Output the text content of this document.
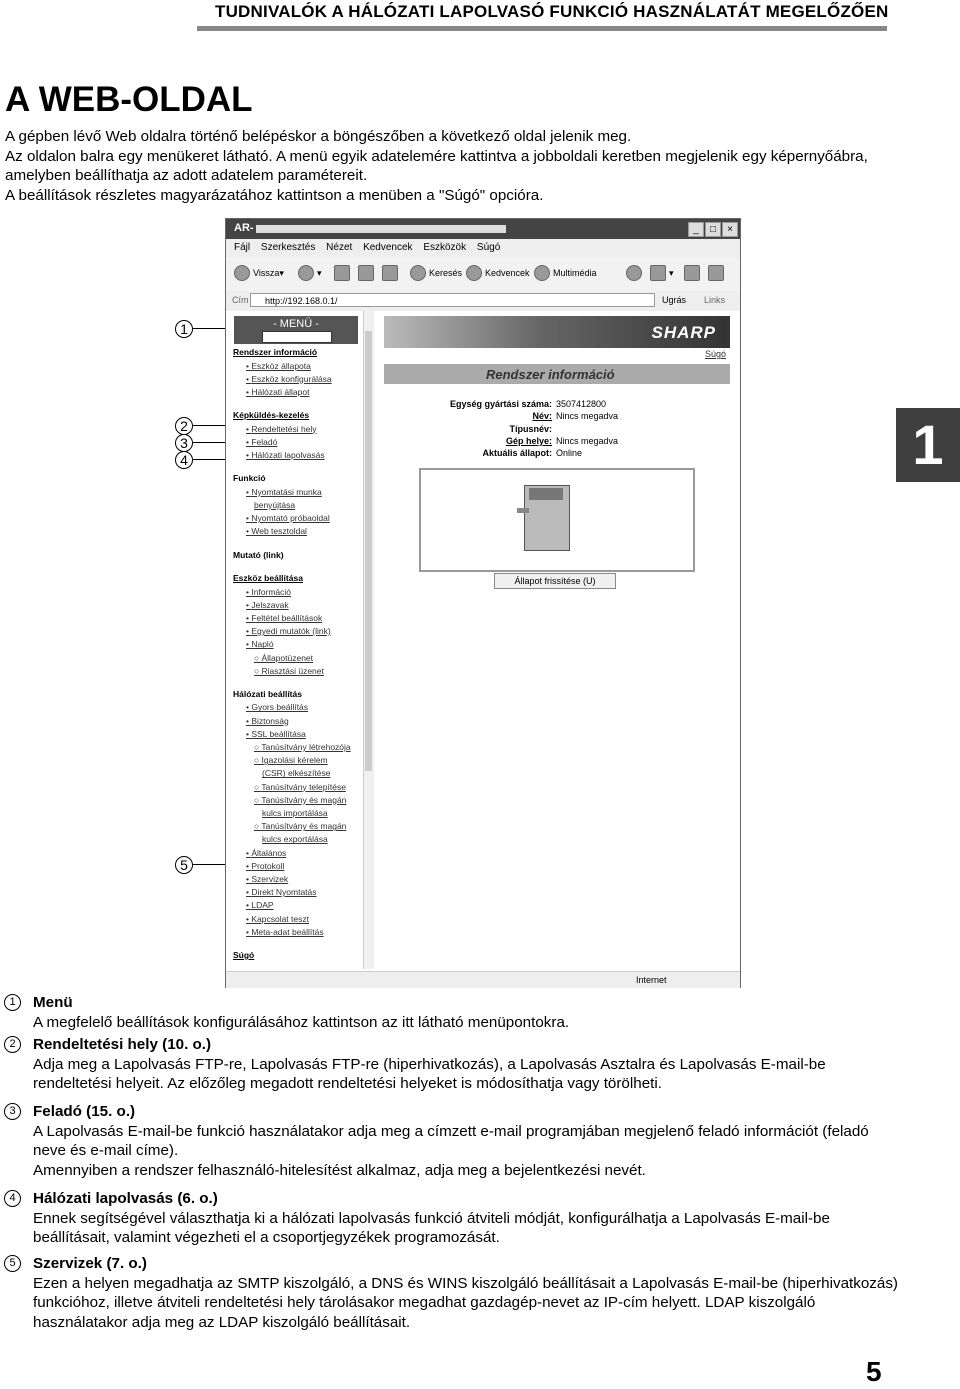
TUDNIVALÓK A HÁLÓZATI LAPOLVASÓ FUNKCIÓ HASZNÁLATÁT MEGELŐZŐEN
A WEB-OLDAL

A gépben lévő Web oldalra történő belépéskor a böngészőben a következő oldal jelenik meg.

Az oldalon balra egy menükeret látható. A menü egyik adatelemére kattintva a jobboldali keretben megjelenik egy képernyőábra, amelyben beállíthatja az adott adatelem paramétereit.

A beállítások részletes magyarázatához kattintson a menüben a "Súgó" opcióra.

1
1
2
3
4
5
AR-	_	□	×
Fájl Szerkesztés Nézet Kedvencek Eszközök Súgó
Vissza ▾	▾	Keresés	Kedvencek	Multimédia	▾
Cím	http://192.168.0.1/	Ugrás Links
- MENÜ -
Rendszer információ
• Eszköz állapota
• Eszköz konfigurálása
• Hálózati állapot
Képküldés-kezelés
• Rendeltetési hely
• Feladó
• Hálózati lapolvasás
Funkció
• Nyomtatási munka
benyújtása
• Nyomtató próbaoldal
• Web tesztoldal
Mutató (link)
Eszköz beállítása
• Információ
• Jelszavak
• Feltétel beállítások
• Egyedi mutatók (link)
• Napló
○ Állapotüzenet
○ Riasztási üzenet
Hálózati beállítás
• Gyors beállítás
• Biztonság
• SSL beállítása
○ Tanúsítvány létrehozója
○ Igazolási kérelem
(CSR) elkészítése
○ Tanúsítvány telepítése
○ Tanúsítvány és magán
kulcs importálása
○ Tanúsítvány és magán
kulcs exportálása
• Általános
• Protokoll
• Szervizek
• Direkt Nyomtatás
• LDAP
• Kapcsolat teszt
• Meta-adat beállítás
Súgó
SHARP
Súgó
Rendszer információ
Egység gyártási száma: 3507412800
Név: Nincs megadva
Típusnév:
Gép helye: Nincs megadva
Aktuális állapot: Online
Állapot frissítése (U)
Internet
1	Menü

A megfelelő beállítások konfigurálásához kattintson az itt látható menüpontokra.

2	Rendeltetési hely (10. o.)

Adja meg a Lapolvasás FTP-re, Lapolvasás FTP-re (hiperhivatkozás), a Lapolvasás Asztalra és Lapolvasás E-mail-be rendeltetési helyeit. Az előzőleg megadott rendeltetési helyeket is módosíthatja vagy törölheti.

3	Feladó (15. o.)

A Lapolvasás E-mail-be funkció használatakor adja meg a címzett e-mail programjában megjelenő feladó információt (feladó neve és e-mail címe).

Amennyiben a rendszer felhasználó-hitelesítést alkalmaz, adja meg a bejelentkezési nevét.

4	Hálózati lapolvasás (6. o.)

Ennek segítségével választhatja ki a hálózati lapolvasás funkció átviteli módját, konfigurálhatja a Lapolvasás E-mail-be beállításait, valamint végezheti el a csoportjegyzékek programozását.

5	Szervizek (7. o.)

Ezen a helyen megadhatja az SMTP kiszolgáló, a DNS és WINS kiszolgáló beállításait a Lapolvasás E-mail-be (hiperhivatkozás) funkcióhoz, illetve átviteli rendeltetési hely tárolásakor megadhat gazdagép-nevet az IP-cím helyett. LDAP kiszolgáló használatakor adja meg az LDAP kiszolgáló beállításait.

5
